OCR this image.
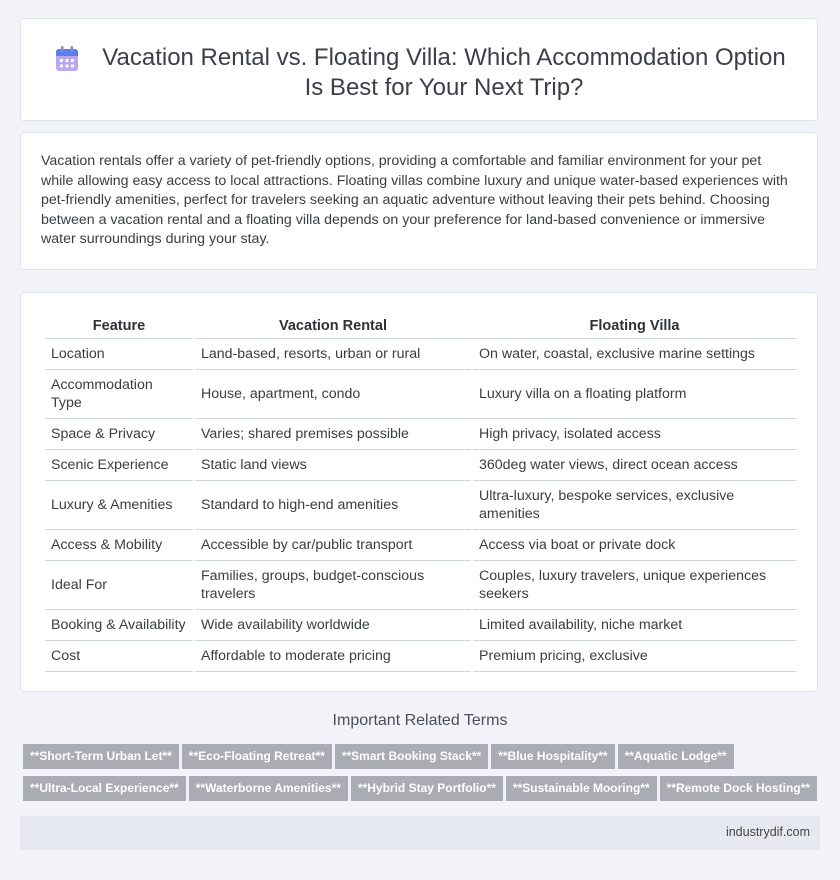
Vacation Rental vs. Floating Villa: Which Accommodation Option
Is Best for Your Next Trip?
Vacation rentals offer a variety of pet-friendly options, providing a comfortable and familiar environment for your pet while allowing easy access to local attractions. Floating villas combine luxury and unique water-based experiences with pet-friendly amenities, perfect for travelers seeking an aquatic adventure without leaving their pets behind. Choosing between a vacation rental and a floating villa depends on your preference for land-based convenience or immersive water surroundings during your stay.
Feature	Vacation Rental	Floating Villa
Location	Land-based, resorts, urban or rural	On water, coastal, exclusive marine settings
Accommodation Type	House, apartment, condo	Luxury villa on a floating platform
Space & Privacy	Varies; shared premises possible	High privacy, isolated access
Scenic Experience	Static land views	360deg water views, direct ocean access
Luxury & Amenities	Standard to high-end amenities	Ultra-luxury, bespoke services, exclusive amenities
Access & Mobility	Accessible by car/public transport	Access via boat or private dock
Ideal For	Families, groups, budget-conscious travelers	Couples, luxury travelers, unique experiences seekers
Booking & Availability	Wide availability worldwide	Limited availability, niche market
Cost	Affordable to moderate pricing	Premium pricing, exclusive
Important Related Terms
**Short-Term Urban Let** **Eco-Floating Retreat** **Smart Booking Stack** **Blue Hospitality** **Aquatic Lodge**
**Ultra-Local Experience** **Waterborne Amenities** **Hybrid Stay Portfolio** **Sustainable Mooring** **Remote Dock Hosting**
industrydif.com
